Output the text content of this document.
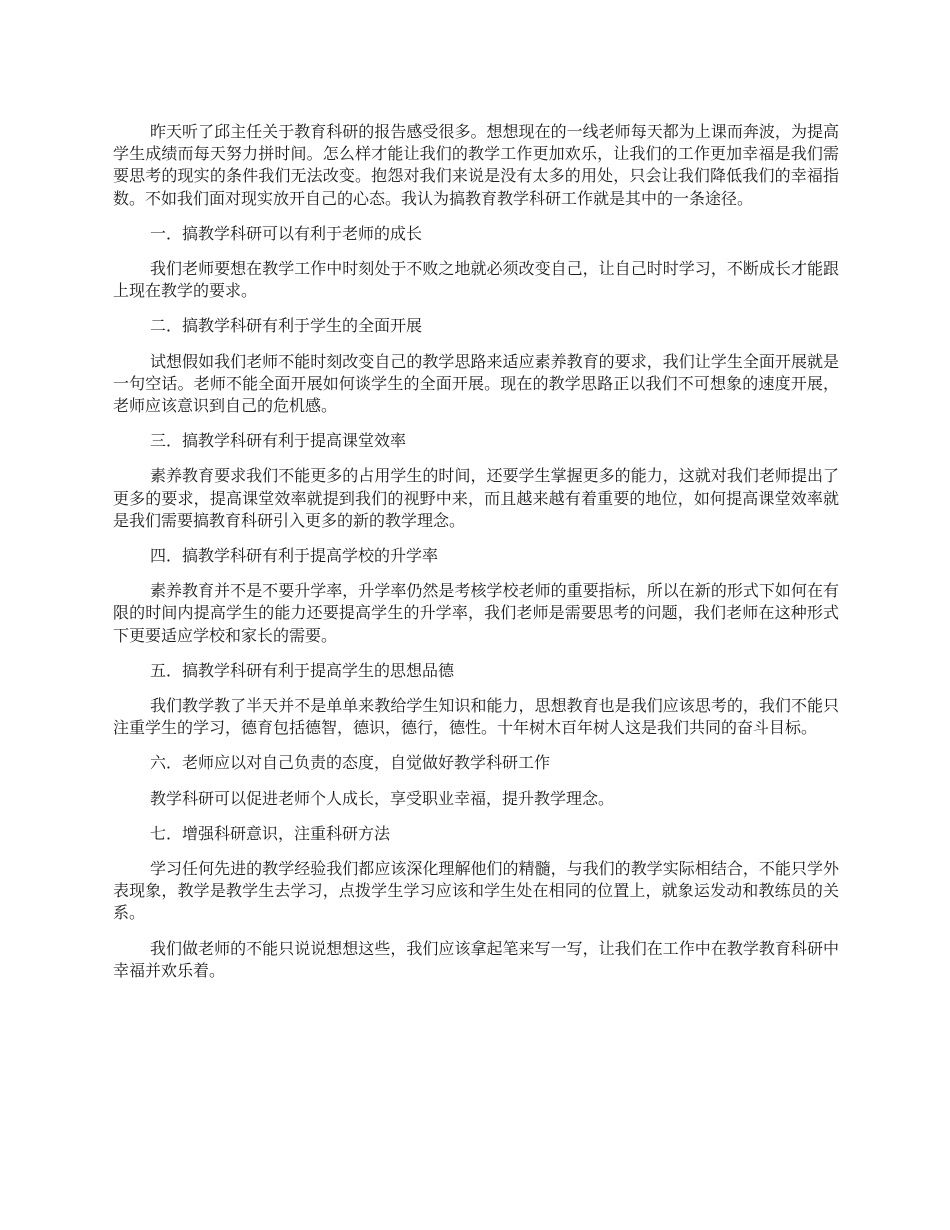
昨天听了邱主任关于教育科研的报告感受很多。想想现在的一线老师每天都为上课而奔波，为提高学生成绩而每天努力拼时间。怎么样才能让我们的教学工作更加欢乐，让我们的工作更加幸福是我们需要思考的现实的条件我们无法改变。抱怨对我们来说是没有太多的用处，只会让我们降低我们的幸福指数。不如我们面对现实放开自己的心态。我认为搞教育教学科研工作就是其中的一条途径。

一．搞教学科研可以有利于老师的成长

我们老师要想在教学工作中时刻处于不败之地就必须改变自己，让自己时时学习，不断成长才能跟上现在教学的要求。

二．搞教学科研有利于学生的全面开展

试想假如我们老师不能时刻改变自己的教学思路来适应素养教育的要求，我们让学生全面开展就是一句空话。老师不能全面开展如何谈学生的全面开展。现在的教学思路正以我们不可想象的速度开展，老师应该意识到自己的危机感。

三．搞教学科研有利于提高课堂效率

素养教育要求我们不能更多的占用学生的时间，还要学生掌握更多的能力，这就对我们老师提出了更多的要求，提高课堂效率就提到我们的视野中来，而且越来越有着重要的地位，如何提高课堂效率就是我们需要搞教育科研引入更多的新的教学理念。

四．搞教学科研有利于提高学校的升学率

素养教育并不是不要升学率，升学率仍然是考核学校老师的重要指标，所以在新的形式下如何在有限的时间内提高学生的能力还要提高学生的升学率，我们老师是需要思考的问题，我们老师在这种形式下更要适应学校和家长的需要。

五．搞教学科研有利于提高学生的思想品德

我们教学教了半天并不是单单来教给学生知识和能力，思想教育也是我们应该思考的，我们不能只注重学生的学习，德育包括德智，德识，德行，德性。十年树木百年树人这是我们共同的奋斗目标。

六．老师应以对自己负责的态度，自觉做好教学科研工作

教学科研可以促进老师个人成长，享受职业幸福，提升教学理念。

七．增强科研意识，注重科研方法

学习任何先进的教学经验我们都应该深化理解他们的精髓，与我们的教学实际相结合，不能只学外表现象，教学是教学生去学习，点拨学生学习应该和学生处在相同的位置上，就象运发动和教练员的关系。

我们做老师的不能只说说想想这些，我们应该拿起笔来写一写，让我们在工作中在教学教育科研中幸福并欢乐着。
